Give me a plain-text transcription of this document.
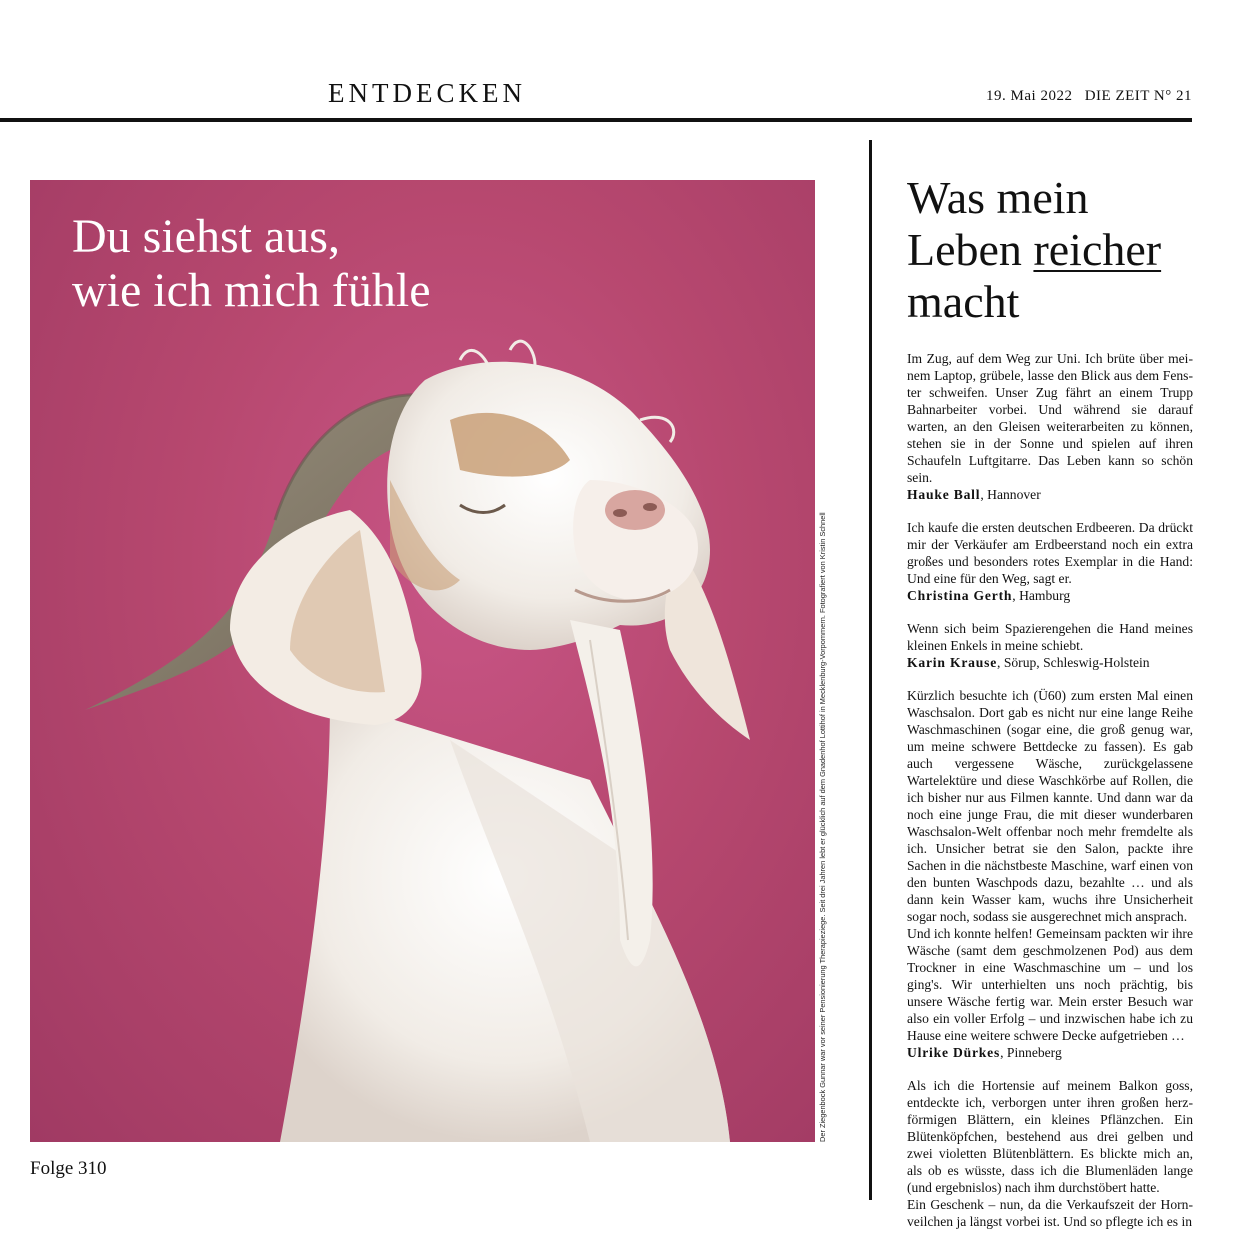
ENTDECKEN	19. Mai 2022 DIE ZEIT N° 21
Du siehst aus,
wie ich mich fühle
Der Ziegenbock Gunnar war vor seiner Pensionierung Therapieziege. Seit drei Jahren lebt er glücklich auf dem Gnadenhof Lottihof in Mecklenburg-Vorpommern. Fotografiert von Kristin Schnell
Folge 310
Was mein
Leben reicher
macht

Im Zug, auf dem Weg zur Uni. Ich brüte über meinem Laptop, grübele, lasse den Blick aus dem Fenster schweifen. Unser Zug fährt an einem Trupp Bahnarbeiter vorbei. Und während sie darauf warten, an den Gleisen weiterarbeiten zu können, stehen sie in der Sonne und spielen auf ihren Schaufeln Luftgitarre. Das Leben kann so schön sein.

Hauke Ball, Hannover

Ich kaufe die ersten deutschen Erdbeeren. Da drückt mir der Verkäufer am Erdbeerstand noch ein extra großes und besonders rotes Exemplar in die Hand: Und eine für den Weg, sagt er.

Christina Gerth, Hamburg

Wenn sich beim Spazierengehen die Hand meines kleinen Enkels in meine schiebt.

Karin Krause, Sörup, Schleswig-Holstein

Kürzlich besuchte ich (Ü60) zum ersten Mal einen Waschsalon. Dort gab es nicht nur eine lange Reihe Waschmaschinen (sogar eine, die groß genug war, um meine schwere Bettdecke zu fassen). Es gab auch vergessene Wäsche, zurückgelassene Wartelektüre und diese Waschkörbe auf Rollen, die ich bisher nur aus Filmen kannte. Und dann war da noch eine junge Frau, die mit dieser wunderbaren Waschsalon-Welt offenbar noch mehr fremdelte als ich. Unsicher betrat sie den Salon, packte ihre Sachen in die nächstbeste Maschine, warf einen von den bunten Waschpods dazu, bezahlte … und als dann kein Wasser kam, wuchs ihre Unsicherheit sogar noch, sodass sie ausgerechnet mich ansprach.

Und ich konnte helfen! Gemeinsam packten wir ihre Wäsche (samt dem geschmolzenen Pod) aus dem Trockner in eine Waschmaschine um – und los ging's. Wir unterhielten uns noch prächtig, bis unsere Wäsche fertig war. Mein erster Besuch war also ein voller Erfolg – und inzwischen habe ich zu Hause eine weitere schwere Decke aufgetrieben …

Ulrike Dürkes, Pinneberg

Als ich die Hortensie auf meinem Balkon goss, entdeckte ich, verborgen unter ihren großen herzförmigen Blättern, ein kleines Pflänzchen. Ein Blütenköpfchen, bestehend aus drei gelben und zwei violetten Blütenblättern. Es blickte mich an, als ob es wüsste, dass ich die Blumenläden lange (und ergebnislos) nach ihm durchstöbert hatte.

Ein Geschenk – nun, da die Verkaufszeit der Hornveilchen ja längst vorbei ist. Und so pflegte ich es in
